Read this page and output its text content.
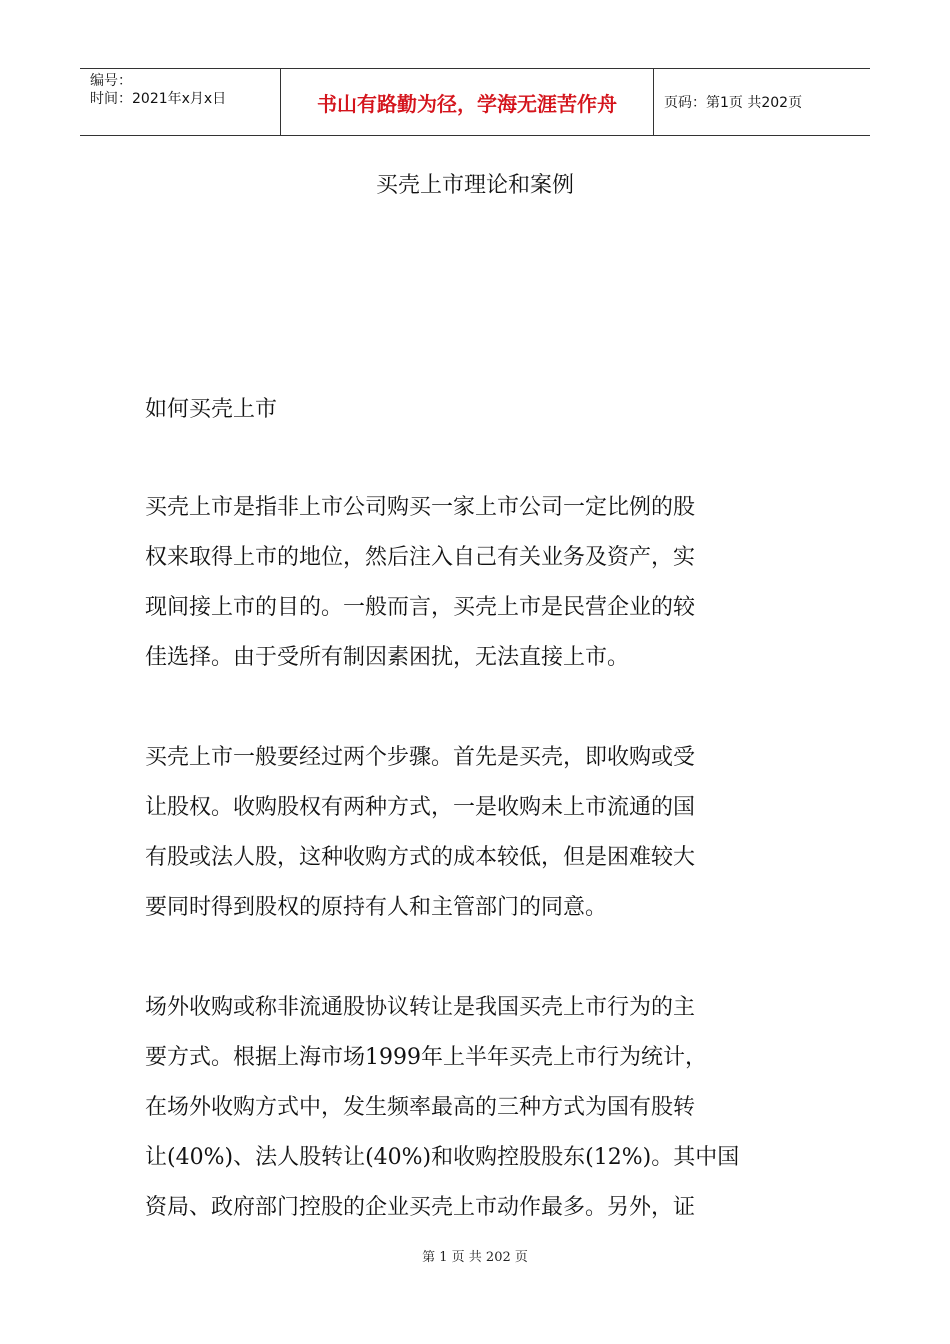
编号：
时间：2021年x月x日	书山有路勤为径，学海无涯苦作舟	页码：第1页 共202页
买壳上市理论和案例
如何买壳上市
买壳上市是指非上市公司购买一家上市公司一定比例的股
权来取得上市的地位，然后注入自己有关业务及资产，实
现间接上市的目的。一般而言，买壳上市是民营企业的较
佳选择。由于受所有制因素困扰，无法直接上市。
买壳上市一般要经过两个步骤。首先是买壳，即收购或受
让股权。收购股权有两种方式，一是收购未上市流通的国
有股或法人股，这种收购方式的成本较低，但是困难较大
要同时得到股权的原持有人和主管部门的同意。
场外收购或称非流通股协议转让是我国买壳上市行为的主
要方式。根据上海市场1999年上半年买壳上市行为统计，
在场外收购方式中，发生频率最高的三种方式为国有股转
让(40%)、法人股转让(40%)和收购控股股东(12%)。其中国
资局、政府部门控股的企业买壳上市动作最多。另外，证
第 1 页 共 202 页
